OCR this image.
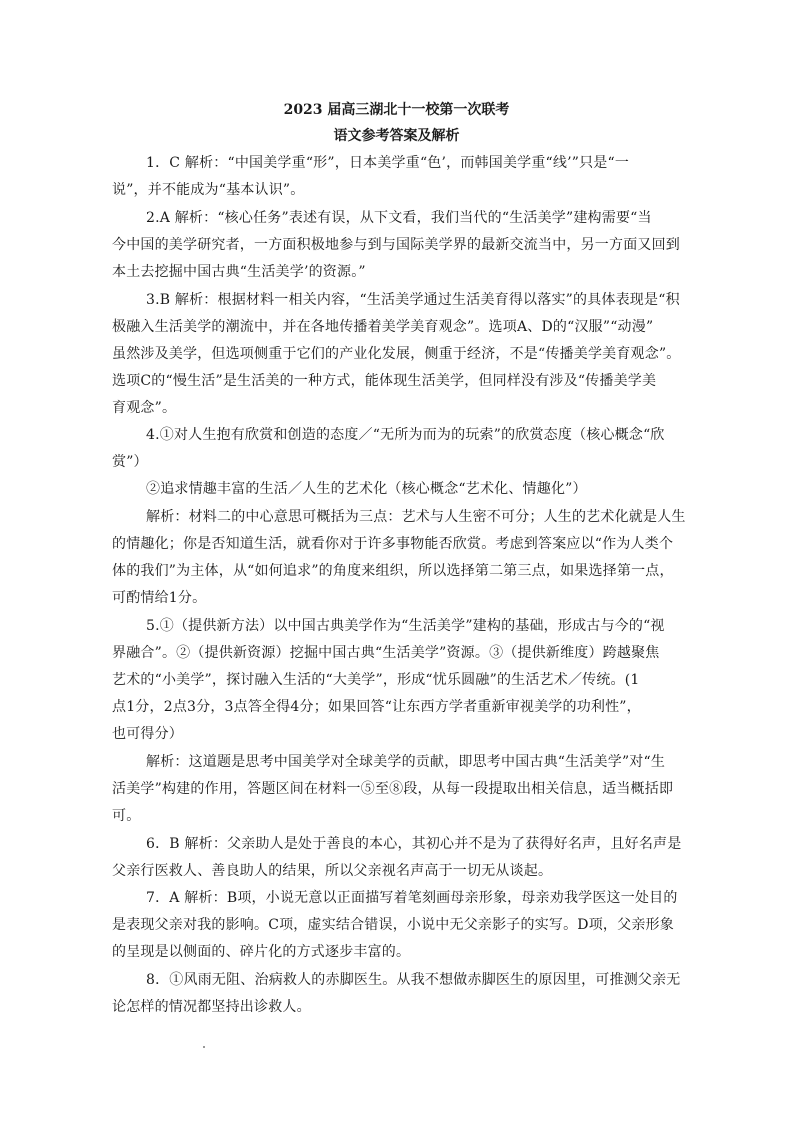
2023 届高三湖北十一校第一次联考
语文参考答案及解析
1．C 解析：“中国美学重“形”，日本美学重“色’，而韩国美学重“线’”只是“一
说”，并不能成为“基本认识”。
2.A 解析：“核心任务”表述有误，从下文看，我们当代的“生活美学”建构需要“当
今中国的美学研究者，一方面积极地参与到与国际美学界的最新交流当中，另一方面又回到
本土去挖掘中国古典“生活美学’的资源。”
3.B 解析：根据材料一相关内容，“生活美学通过生活美育得以落实”的具体表现是“积
极融入生活美学的潮流中，并在各地传播着美学美育观念”。选项A、D的“汉服”“动漫”
虽然涉及美学，但选项侧重于它们的产业化发展，侧重于经济，不是“传播美学美育观念”。
选项C的“慢生活”是生活美的一种方式，能体现生活美学，但同样没有涉及“传播美学美
育观念”。
4.①对人生抱有欣赏和创造的态度／“无所为而为的玩索”的欣赏态度（核心概念“欣
赏”）
②追求情趣丰富的生活／人生的艺术化（核心概念“艺术化、情趣化”）
解析：材料二的中心意思可概括为三点：艺术与人生密不可分；人生的艺术化就是人生
的情趣化；你是否知道生活，就看你对于许多事物能否欣赏。考虑到答案应以“作为人类个
体的我们”为主体，从“如何追求”的角度来组织，所以选择第二第三点，如果选择第一点，
可酌情给1分。
5.①（提供新方法）以中国古典美学作为“生活美学”建构的基础，形成古与今的“视
界融合”。②（提供新资源）挖掘中国古典“生活美学”资源。③（提供新维度）跨越聚焦
艺术的“小美学”，探讨融入生活的“大美学”，形成“忧乐圆融”的生活艺术／传统。(1
点1分，2点3分，3点答全得4分；如果回答“让东西方学者重新审视美学的功利性”，
也可得分）
解析：这道题是思考中国美学对全球美学的贡献，即思考中国古典“生活美学”对“生
活美学”构建的作用，答题区间在材料一⑤至⑧段，从每一段提取出相关信息，适当概括即
可。
6．B 解析：父亲助人是处于善良的本心，其初心并不是为了获得好名声，且好名声是
父亲行医救人、善良助人的结果，所以父亲视名声高于一切无从谈起。
7．A 解析：B项，小说无意以正面描写着笔刻画母亲形象，母亲劝我学医这一处目的
是表现父亲对我的影响。C项，虚实结合错误，小说中无父亲影子的实写。D项，父亲形象
的呈现是以侧面的、碎片化的方式逐步丰富的。
8．①风雨无阻、治病救人的赤脚医生。从我不想做赤脚医生的原因里，可推测父亲无
论怎样的情况都坚持出诊救人。
